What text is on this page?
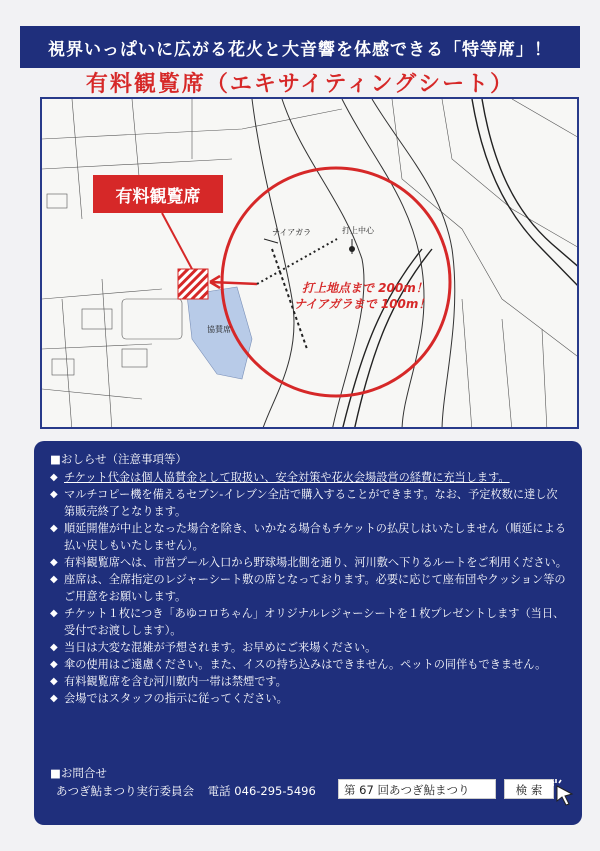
視界いっぱいに広がる花火と大音響を体感できる「特等席」！
有料観覧席（エキサイティングシート）
有料観覧席
ナイアガラ	打上中心
協賛席
打上地点まで 200m！
ナイアガラまで 100m！
■おしらせ（注意事項等）
◆ チケット代金は個人協賛金として取扱い、安全対策や花火会場設営の経費に充当します。
◆ マルチコピー機を備えるセブン-イレブン全店で購入することができます。なお、予定枚数に達し次第販売終了となります。
◆ 順延開催が中止となった場合を除き、いかなる場合もチケットの払戻しはいたしません（順延による払い戻しもいたしません）。
◆ 有料観覧席へは、市営プール入口から野球場北側を通り、河川敷へ下りるルートをご利用ください。
◆ 座席は、全席指定のレジャーシート敷の席となっております。必要に応じて座布団やクッション等のご用意をお願いします。
◆ チケット１枚につき「あゆコロちゃん」オリジナルレジャーシートを１枚プレゼントします（当日、受付でお渡しします）。
◆ 当日は大変な混雑が予想されます。お早めにご来場ください。
◆ 傘の使用はご遠慮ください。また、イスの持ち込みはできません。ペットの同伴もできません。
◆ 有料観覧席を含む河川敷内一帯は禁煙です。
◆ 会場ではスタッフの指示に従ってください。
■お問合せ
あつぎ鮎まつり実行委員会 電話 046-295-5496	第 67 回あつぎ鮎まつり	検 索
